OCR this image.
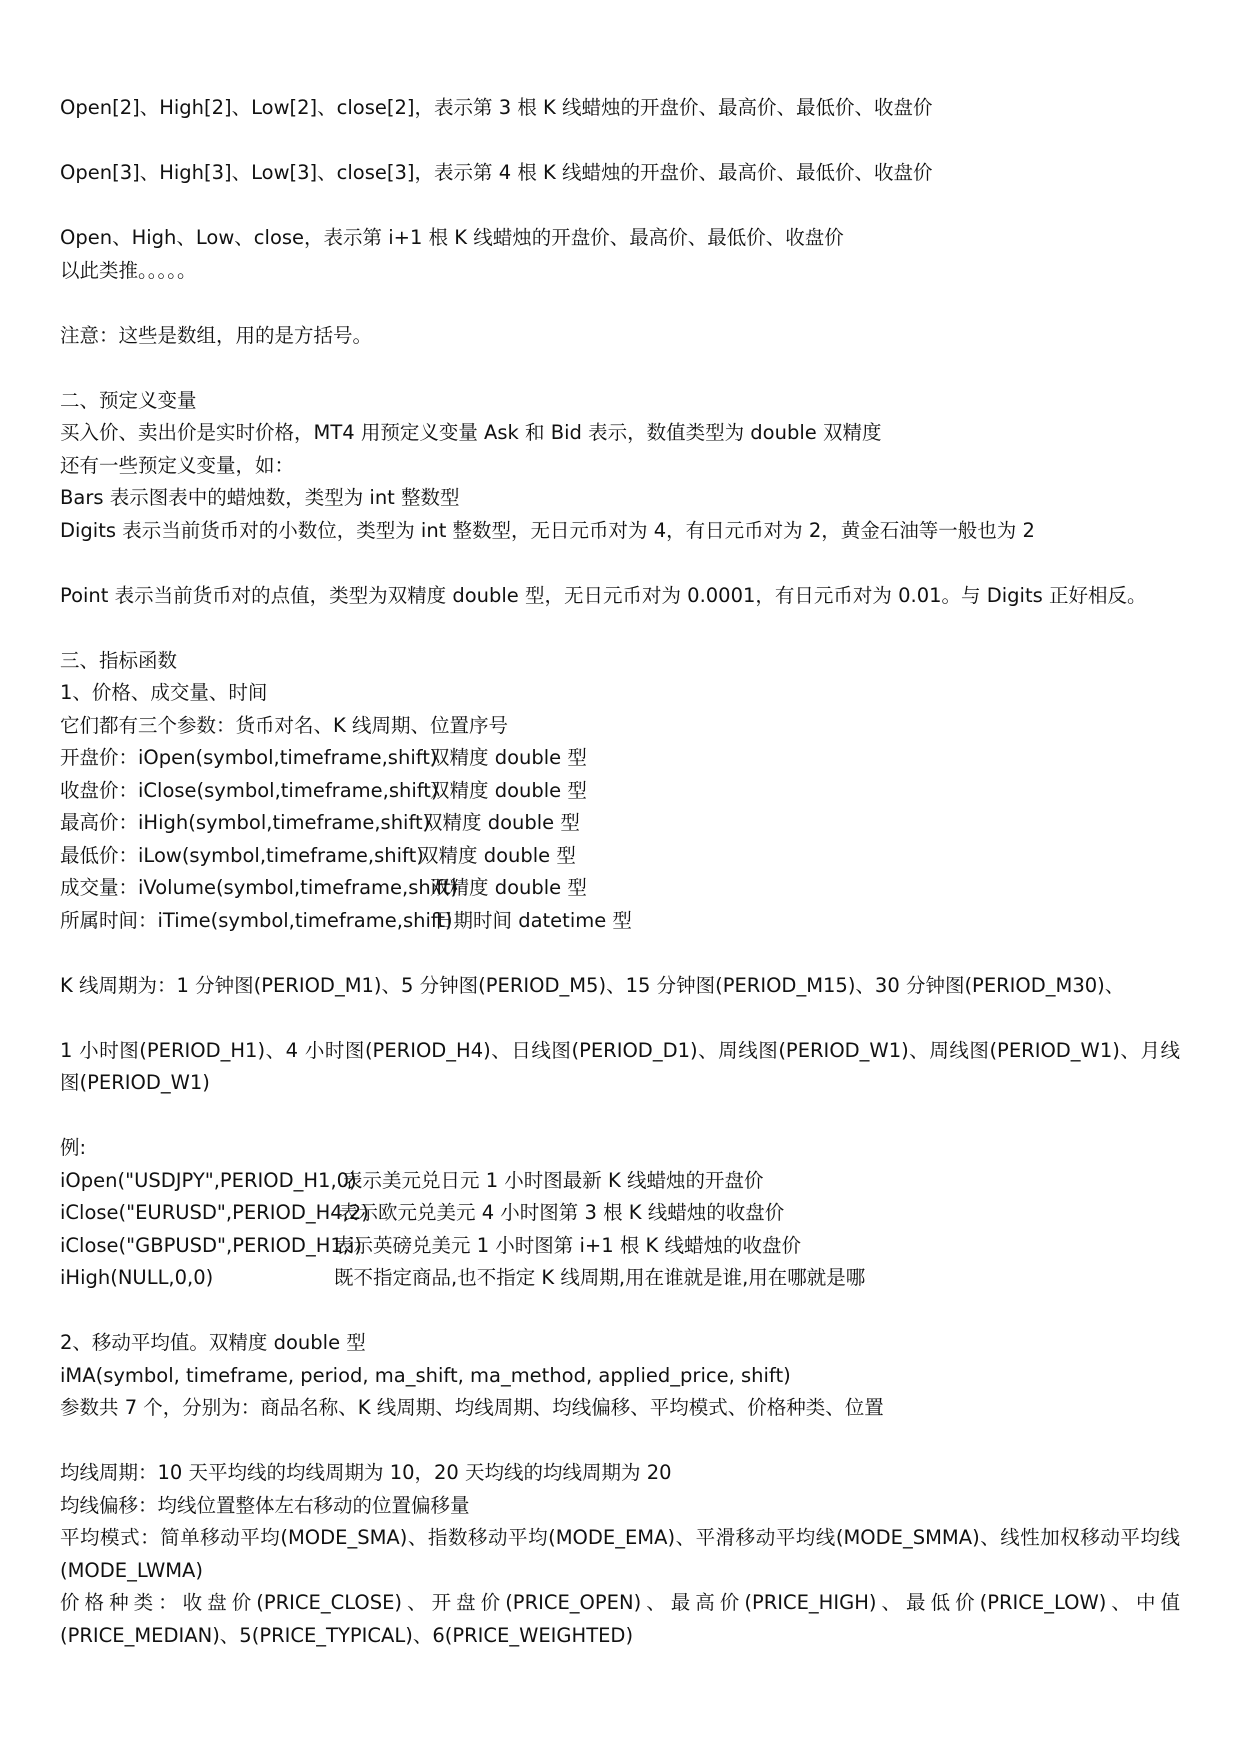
Open[2]、High[2]、Low[2]、close[2]，表示第 3 根 K 线蜡烛的开盘价、最高价、最低价、收盘价
Open[3]、High[3]、Low[3]、close[3]，表示第 4 根 K 线蜡烛的开盘价、最高价、最低价、收盘价
Open、High、Low、close，表示第 i+1 根 K 线蜡烛的开盘价、最高价、最低价、收盘价
以此类推。。。。。
注意：这些是数组，用的是方括号。
二、预定义变量
买入价、卖出价是实时价格，MT4 用预定义变量 Ask 和 Bid 表示，数值类型为 double 双精度
还有一些预定义变量，如：
Bars 表示图表中的蜡烛数，类型为 int 整数型
Digits 表示当前货币对的小数位，类型为 int 整数型，无日元币对为 4，有日元币对为 2，黄金石油等一般也为 2
Point 表示当前货币对的点值，类型为双精度 double 型，无日元币对为 0.0001，有日元币对为 0.01。与 Digits 正好相反。
三、指标函数
1、价格、成交量、时间
它们都有三个参数：货币对名、K 线周期、位置序号
开盘价：iOpen(symbol,timeframe,shift)双精度 double 型
收盘价：iClose(symbol,timeframe,shift)双精度 double 型
最高价：iHigh(symbol,timeframe,shift)双精度 double 型
最低价：iLow(symbol,timeframe,shift)双精度 double 型
成交量：iVolume(symbol,timeframe,shift)双精度 double 型
所属时间：iTime(symbol,timeframe,shift)日期时间 datetime 型
K 线周期为：1 分钟图(PERIOD_M1)、5 分钟图(PERIOD_M5)、15 分钟图(PERIOD_M15)、30 分钟图(PERIOD_M30)、
1 小时图(PERIOD_H1)、4 小时图(PERIOD_H4)、日线图(PERIOD_D1)、周线图(PERIOD_W1)、周线图(PERIOD_W1)、月线图(PERIOD_W1)
例:
iOpen("USDJPY",PERIOD_H1,0)表示美元兑日元 1 小时图最新 K 线蜡烛的开盘价
iClose("EURUSD",PERIOD_H4,2)表示欧元兑美元 4 小时图第 3 根 K 线蜡烛的收盘价
iClose("GBPUSD",PERIOD_H1,i)表示英磅兑美元 1 小时图第 i+1 根 K 线蜡烛的收盘价
iHigh(NULL,0,0)	既不指定商品,也不指定 K 线周期,用在谁就是谁,用在哪就是哪
2、移动平均值。双精度 double 型
iMA(symbol, timeframe, period, ma_shift, ma_method, applied_price, shift)
参数共 7 个，分别为：商品名称、K 线周期、均线周期、均线偏移、平均模式、价格种类、位置
均线周期：10 天平均线的均线周期为 10，20 天均线的均线周期为 20
均线偏移：均线位置整体左右移动的位置偏移量
平均模式：简单移动平均(MODE_SMA)、指数移动平均(MODE_EMA)、平滑移动平均线(MODE_SMMA)、线性加权移动平均线(MODE_LWMA)
价格种类：收盘价(PRICE_CLOSE)、开盘价(PRICE_OPEN)、最高价(PRICE_HIGH)、最低价(PRICE_LOW)、中值(PRICE_MEDIAN)、5(PRICE_TYPICAL)、6(PRICE_WEIGHTED)
